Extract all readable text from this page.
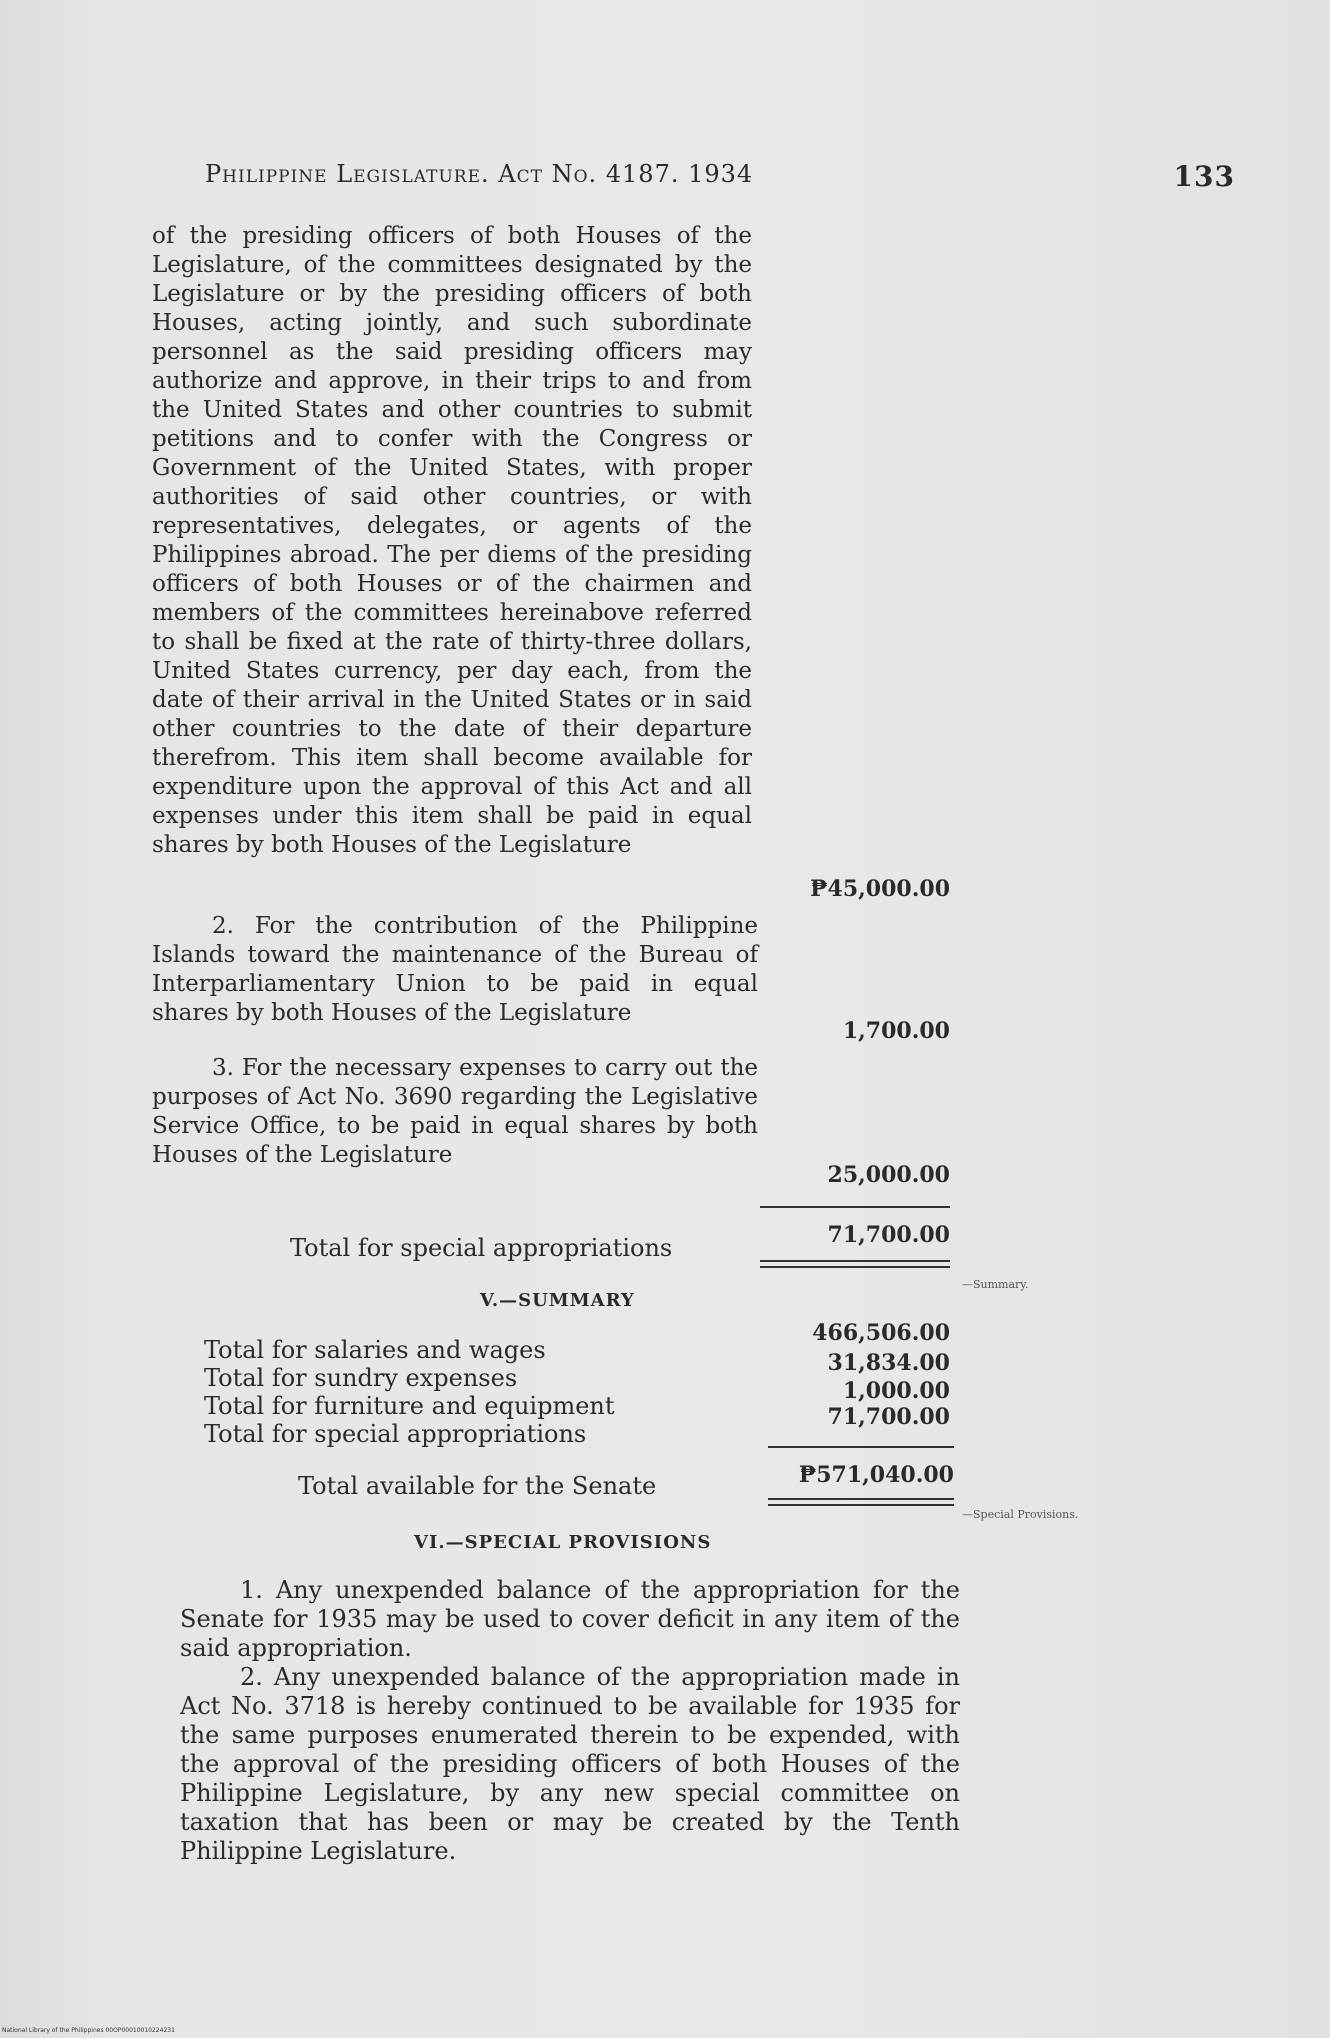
Philippine Legislature. Act No. 4187. 1934	133

of the presiding officers of both Houses of the Legislature, of the committees designated by the Legislature or by the presiding officers of both Houses, acting jointly, and such subordinate personnel as the said presiding officers may authorize and approve, in their trips to and from the United States and other countries to submit petitions and to confer with the Congress or Government of the United States, with proper authorities of said other countries, or with representatives, delegates, or agents of the Philippines abroad. The per diems of the presiding officers of both Houses or of the chairmen and members of the committees hereinabove referred to shall be fixed at the rate of thirty-three dollars, United States currency, per day each, from the date of their arrival in the United States or in said other countries to the date of their departure therefrom. This item shall become available for expenditure upon the approval of this Act and all expenses under this item shall be paid in equal shares by both Houses of the Legislature

₱45,000.00

2. For the contribution of the Philippine Islands toward the maintenance of the Bureau of Interparliamentary Union to be paid in equal shares by both Houses of the Legislature

1,700.00

3. For the necessary expenses to carry out the purposes of Act No. 3690 regarding the Legislative Service Office, to be paid in equal shares by both Houses of the Legislature

25,000.00
Total for special appropriations	71,700.00
V.—SUMMARY
—Summary.
Total for salaries and wages
466,506.00
Total for sundry expenses
31,834.00
Total for furniture and equipment
1,000.00
Total for special appropriations
71,700.00
Total available for the Senate	₱571,040.00
—Special Provisions.
VI.—SPECIAL PROVISIONS

1. Any unexpended balance of the appropriation for the Senate for 1935 may be used to cover deficit in any item of the said appropriation.

2. Any unexpended balance of the appropriation made in Act No. 3718 is hereby continued to be available for 1935 for the same purposes enumerated therein to be expended, with the approval of the presiding officers of both Houses of the Philippine Legislature, by any new special committee on taxation that has been or may be created by the Tenth Philippine Legislature.

National Library of the Philippines 00OP00010010224231
